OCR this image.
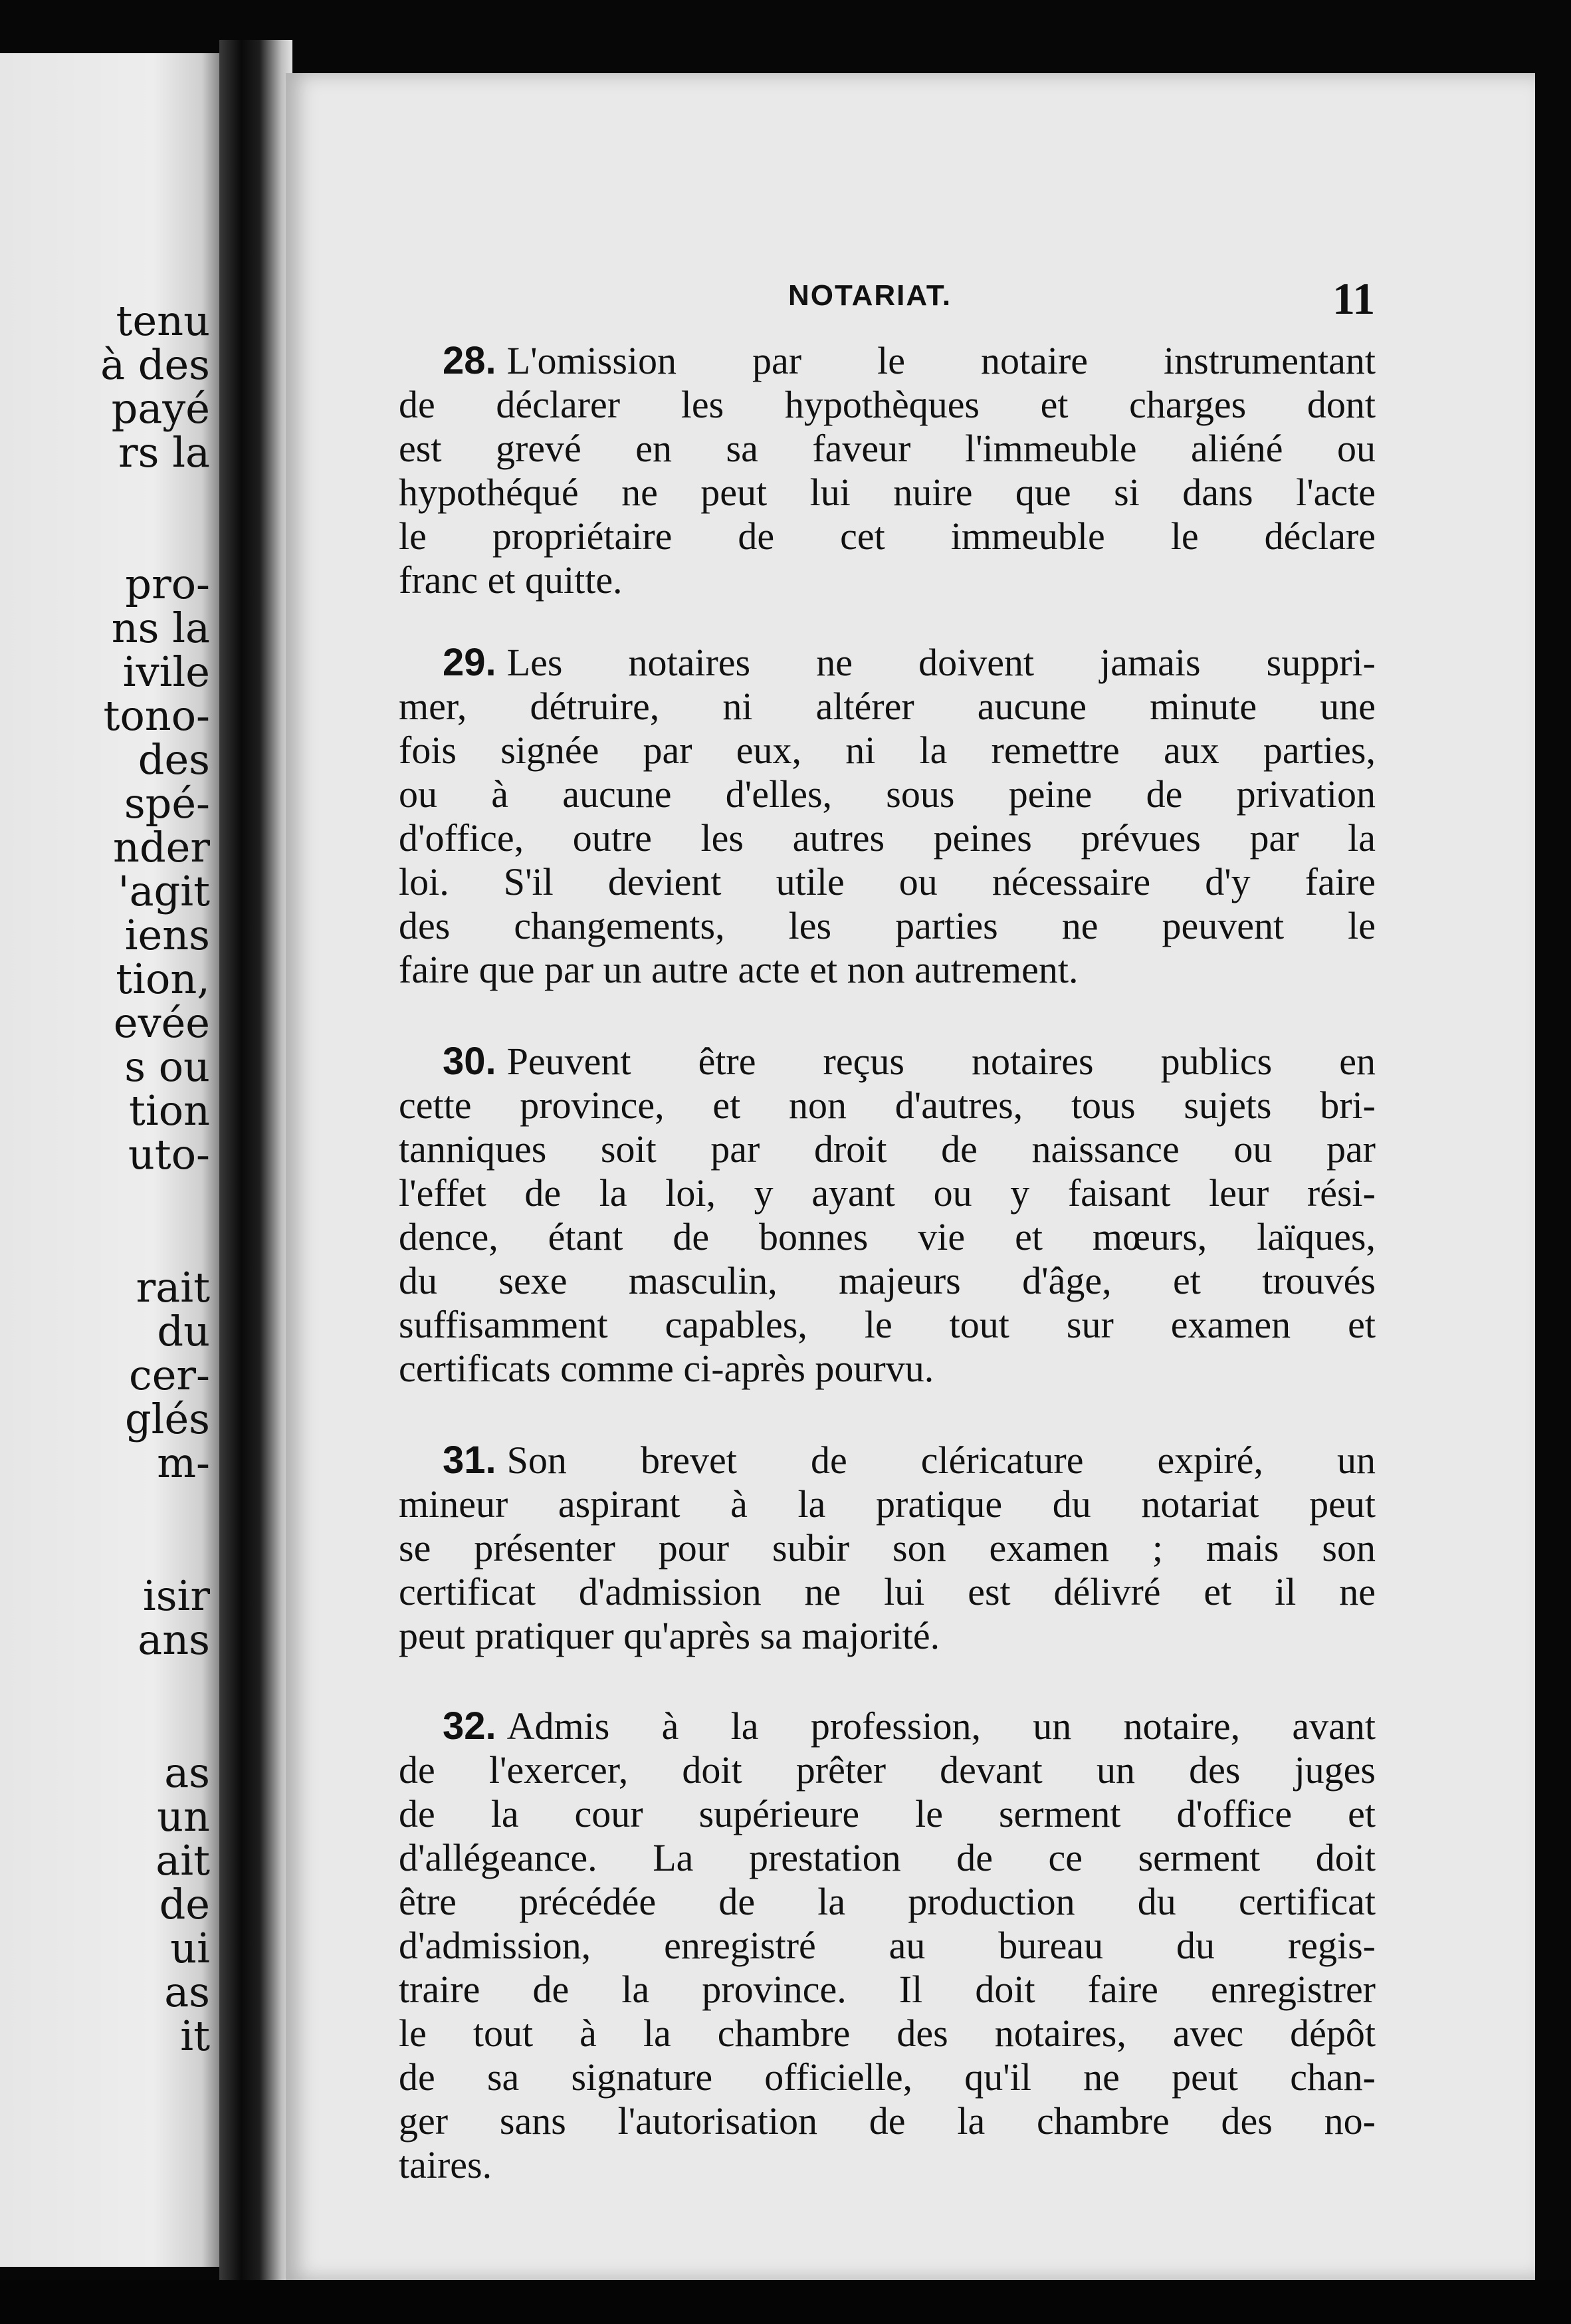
tenu
à des
payé
rs la
pro-
ns la
ivile
tono-
des
spé-
nder
'agit
iens
tion,
evée
s ou
tion
uto-
rait
du
cer-
glés
m-
isir
ans
as
un
ait
de
ui
as
it
NOTARIAT.	11
28. L'omission par le notaire instrumentant
de déclarer les hypothèques et charges dont
est grevé en sa faveur l'immeuble aliéné ou
hypothéqué ne peut lui nuire que si dans l'acte
le propriétaire de cet immeuble le déclare
franc et quitte.
29. Les notaires ne doivent jamais suppri-
mer, détruire, ni altérer aucune minute une
fois signée par eux, ni la remettre aux parties,
ou à aucune d'elles, sous peine de privation
d'office, outre les autres peines prévues par la
loi. S'il devient utile ou nécessaire d'y faire
des changements, les parties ne peuvent le
faire que par un autre acte et non autrement.
30. Peuvent être reçus notaires publics en
cette province, et non d'autres, tous sujets bri-
tanniques soit par droit de naissance ou par
l'effet de la loi, y ayant ou y faisant leur rési-
dence, étant de bonnes vie et mœurs, laïques,
du sexe masculin, majeurs d'âge, et trouvés
suffisamment capables, le tout sur examen et
certificats comme ci-après pourvu.
31. Son brevet de cléricature expiré, un
mineur aspirant à la pratique du notariat peut
se présenter pour subir son examen ; mais son
certificat d'admission ne lui est délivré et il ne
peut pratiquer qu'après sa majorité.
32. Admis à la profession, un notaire, avant
de l'exercer, doit prêter devant un des juges
de la cour supérieure le serment d'office et
d'allégeance. La prestation de ce serment doit
être précédée de la production du certificat
d'admission, enregistré au bureau du regis-
traire de la province. Il doit faire enregistrer
le tout à la chambre des notaires, avec dépôt
de sa signature officielle, qu'il ne peut chan-
ger sans l'autorisation de la chambre des no-
taires.
